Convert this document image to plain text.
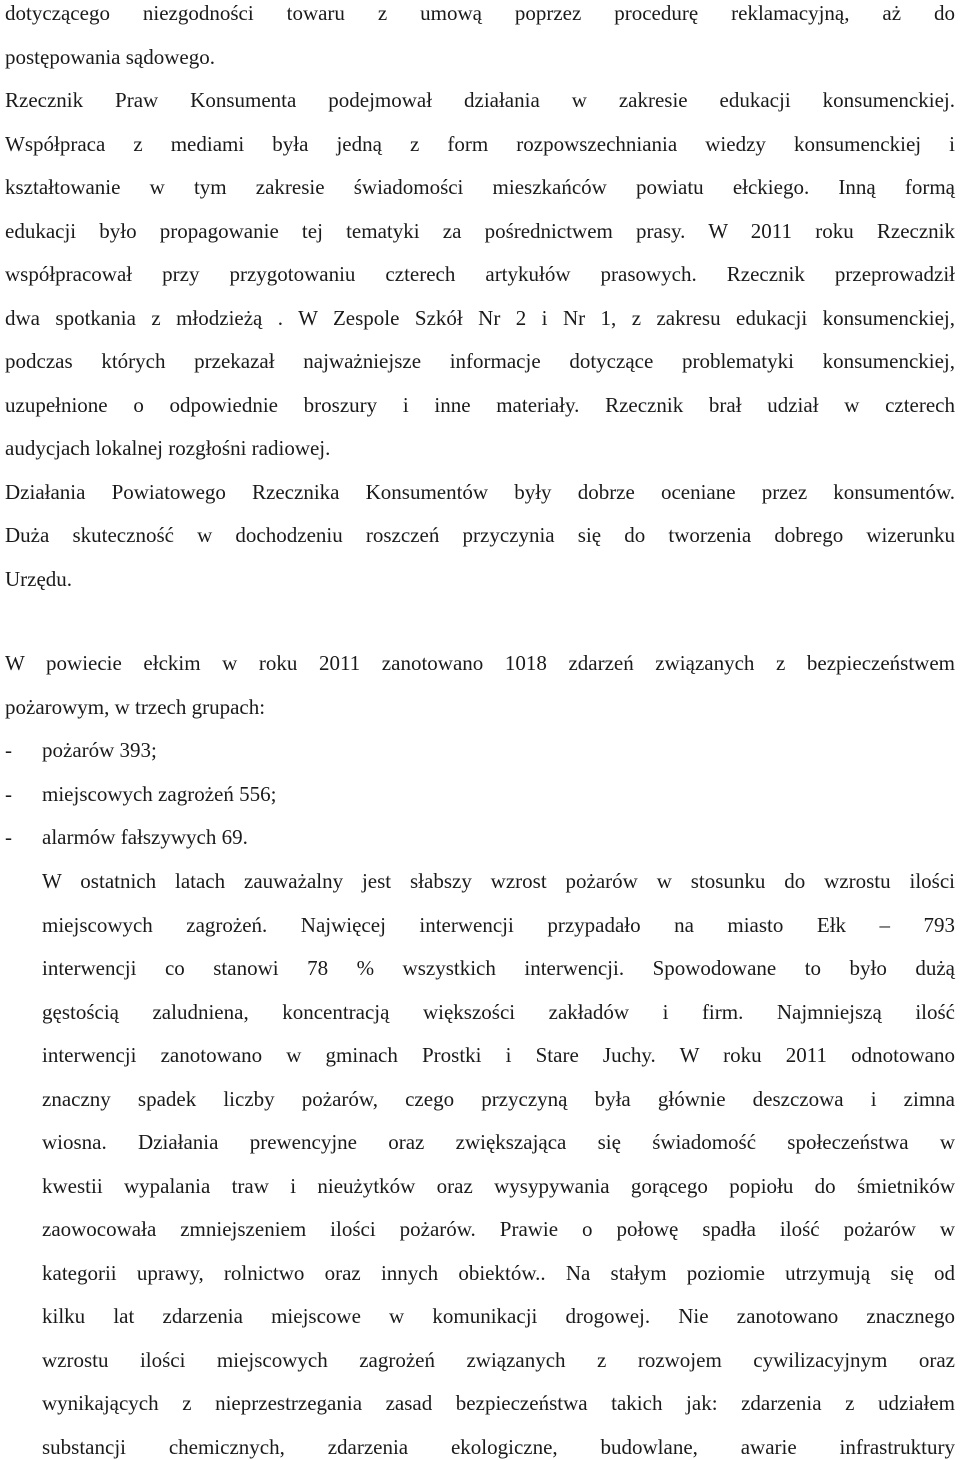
dotyczącego niezgodności towaru z umową poprzez procedurę reklamacyjną, aż do
postępowania sądowego.
Rzecznik Praw Konsumenta podejmował działania w zakresie edukacji konsumenckiej.
Współpraca z mediami była jedną z form rozpowszechniania wiedzy konsumenckiej i
kształtowanie w tym zakresie świadomości mieszkańców powiatu ełckiego. Inną formą
edukacji było propagowanie tej tematyki za pośrednictwem prasy. W 2011 roku Rzecznik
współpracował przy przygotowaniu czterech artykułów prasowych. Rzecznik przeprowadził
dwa spotkania z młodzieżą . W Zespole Szkół Nr 2 i Nr 1, z zakresu edukacji konsumenckiej,
podczas których przekazał najważniejsze informacje dotyczące problematyki konsumenckiej,
uzupełnione o odpowiednie broszury i inne materiały. Rzecznik brał udział w czterech
audycjach lokalnej rozgłośni radiowej.
Działania Powiatowego Rzecznika Konsumentów były dobrze oceniane przez konsumentów.
Duża skuteczność w dochodzeniu roszczeń przyczynia się do tworzenia dobrego wizerunku
Urzędu.
W powiecie ełckim w roku 2011 zanotowano 1018 zdarzeń związanych z bezpieczeństwem
pożarowym, w trzech grupach:
- pożarów 393;
- miejscowych zagrożeń 556;
- alarmów fałszywych 69.
W ostatnich latach zauważalny jest słabszy wzrost pożarów w stosunku do wzrostu ilości
miejscowych zagrożeń. Najwięcej interwencji przypadało na miasto Ełk – 793
interwencji co stanowi 78 % wszystkich interwencji. Spowodowane to było dużą
gęstością zaludniena, koncentracją większości zakładów i firm. Najmniejszą ilość
interwencji zanotowano w gminach Prostki i Stare Juchy. W roku 2011 odnotowano
znaczny spadek liczby pożarów, czego przyczyną była głównie deszczowa i zimna
wiosna. Działania prewencyjne oraz zwiększająca się świadomość społeczeństwa w
kwestii wypalania traw i nieużytków oraz wysypywania gorącego popiołu do śmietników
zaowocowała zmniejszeniem ilości pożarów. Prawie o połowę spadła ilość pożarów w
kategorii uprawy, rolnictwo oraz innych obiektów.. Na stałym poziomie utrzymują się od
kilku lat zdarzenia miejscowe w komunikacji drogowej. Nie zanotowano znacznego
wzrostu ilości miejscowych zagrożeń związanych z rozwojem cywilizacyjnym oraz
wynikających z nieprzestrzegania zasad bezpieczeństwa takich jak: zdarzenia z udziałem
substancji chemicznych, zdarzenia ekologiczne, budowlane, awarie infrastruktury
